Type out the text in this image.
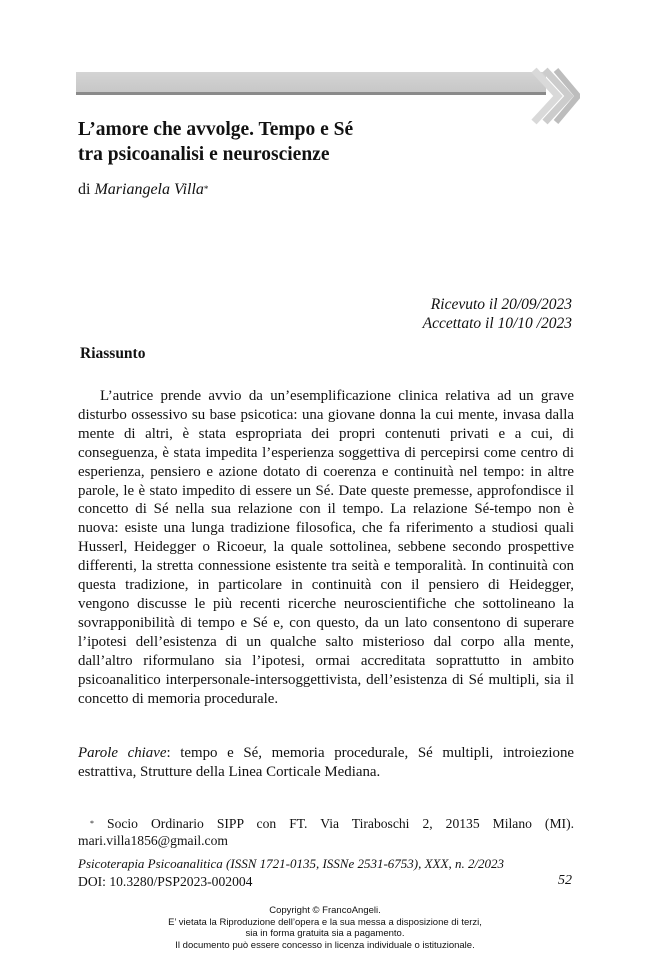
L’amore che avvolge. Tempo e Sé
tra psicoanalisi e neuroscienze
di Mariangela Villa*
Ricevuto il 20/09/2023
Accettato il 10/10 /2023
Riassunto

L’autrice prende avvio da un’esemplificazione clinica relativa ad un grave disturbo ossessivo su base psicotica: una giovane donna la cui mente, invasa dalla mente di altri, è stata espropriata dei propri contenuti privati e a cui, di conseguenza, è stata impedita l’esperienza soggettiva di percepirsi come centro di esperienza, pensiero e azione dotato di coerenza e continuità nel tempo: in altre parole, le è stato impedito di essere un Sé. Date queste premesse, approfondisce il concetto di Sé nella sua relazione con il tempo. La relazione Sé-tempo non è nuova: esiste una lunga tradizione filosofica, che fa riferimento a studiosi quali Husserl, Heidegger o Ricoeur, la quale sottolinea, sebbene secondo prospettive differenti, la stretta connessione esistente tra seità e temporalità. In continuità con questa tradizione, in particolare in continuità con il pensiero di Heidegger, vengono discusse le più recenti ricerche neuroscientifiche che sottolineano la sovrapponibilità di tempo e Sé e, con questo, da un lato consentono di superare l’ipotesi dell’esistenza di un qualche salto misterioso dal corpo alla mente, dall’altro riformulano sia l’ipotesi, ormai accreditata soprattutto in ambito psicoanalitico interpersonale-intersoggettivista, dell’esistenza di Sé multipli, sia il concetto di memoria procedurale.

Parole chiave: tempo e Sé, memoria procedurale, Sé multipli, introiezione estrattiva, Strutture della Linea Corticale Mediana.

* Socio Ordinario SIPP con FT. Via Tiraboschi 2, 20135 Milano (MI). mari.villa1856@gmail.com

Psicoterapia Psicoanalitica (ISSN 1721-0135, ISSNe 2531-6753), XXX, n. 2/2023
DOI: 10.3280/PSP2023-002004	52
Copyright © FrancoAngeli.
E’ vietata la Riproduzione dell’opera e la sua messa a disposizione di terzi,
sia in forma gratuita sia a pagamento.
Il documento può essere concesso in licenza individuale o istituzionale.
